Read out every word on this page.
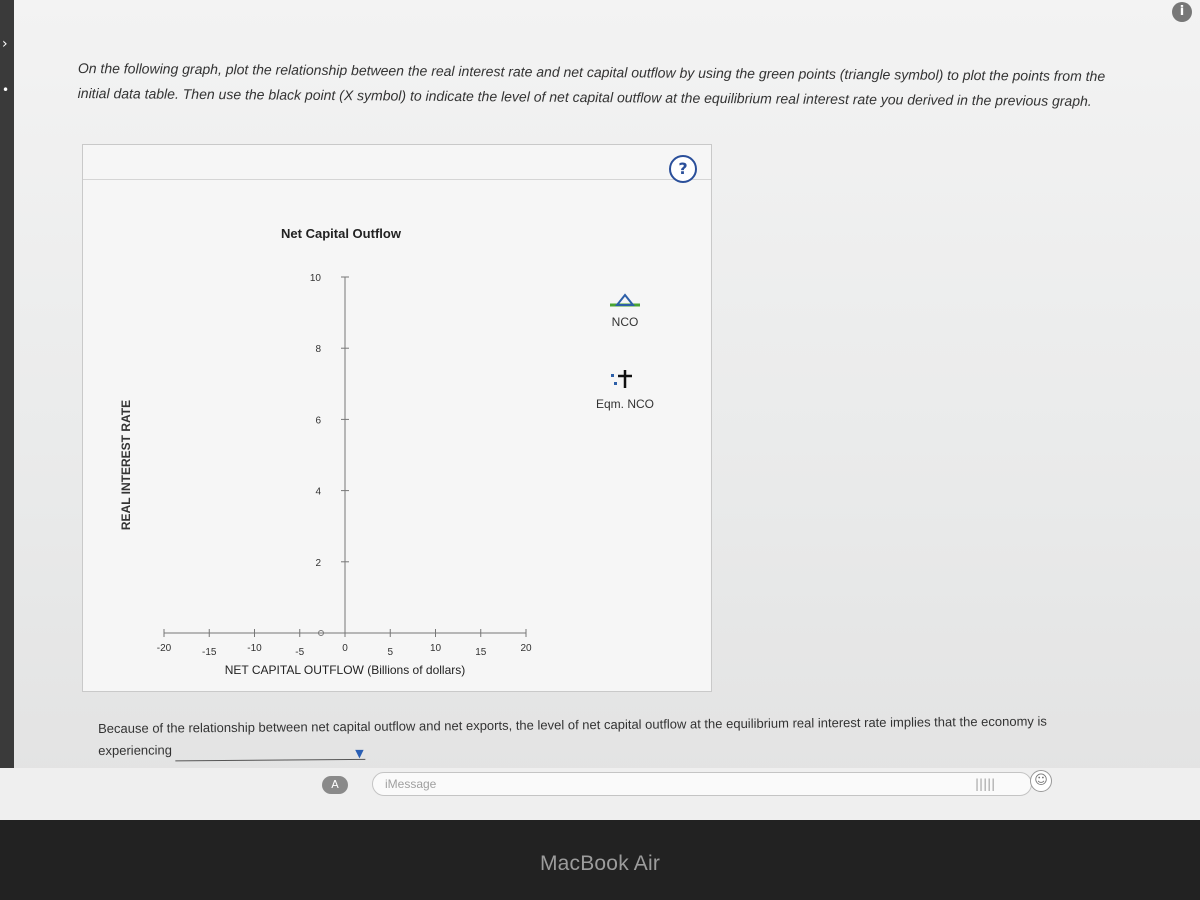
›
•
i
On the following graph, plot the relationship between the real interest rate and net capital outflow by using the green points (triangle symbol) to plot the points from the initial data table. Then use the black point (X symbol) to indicate the level of net capital outflow at the equilibrium real interest rate you derived in the previous graph.
?
Net Capital Outflow
-20	-15	-10	-5	0	5	10	15	20
2
4
6
8
10
NET CAPITAL OUTFLOW (Billions of dollars)
REAL INTEREST RATE
NCO
Eqm. NCO
Because of the relationship between net capital outflow and net exports, the level of net capital outflow at the equilibrium real interest rate implies that the economy is experiencing	▼
A	iMessage	|||||	☺
MacBook Air
